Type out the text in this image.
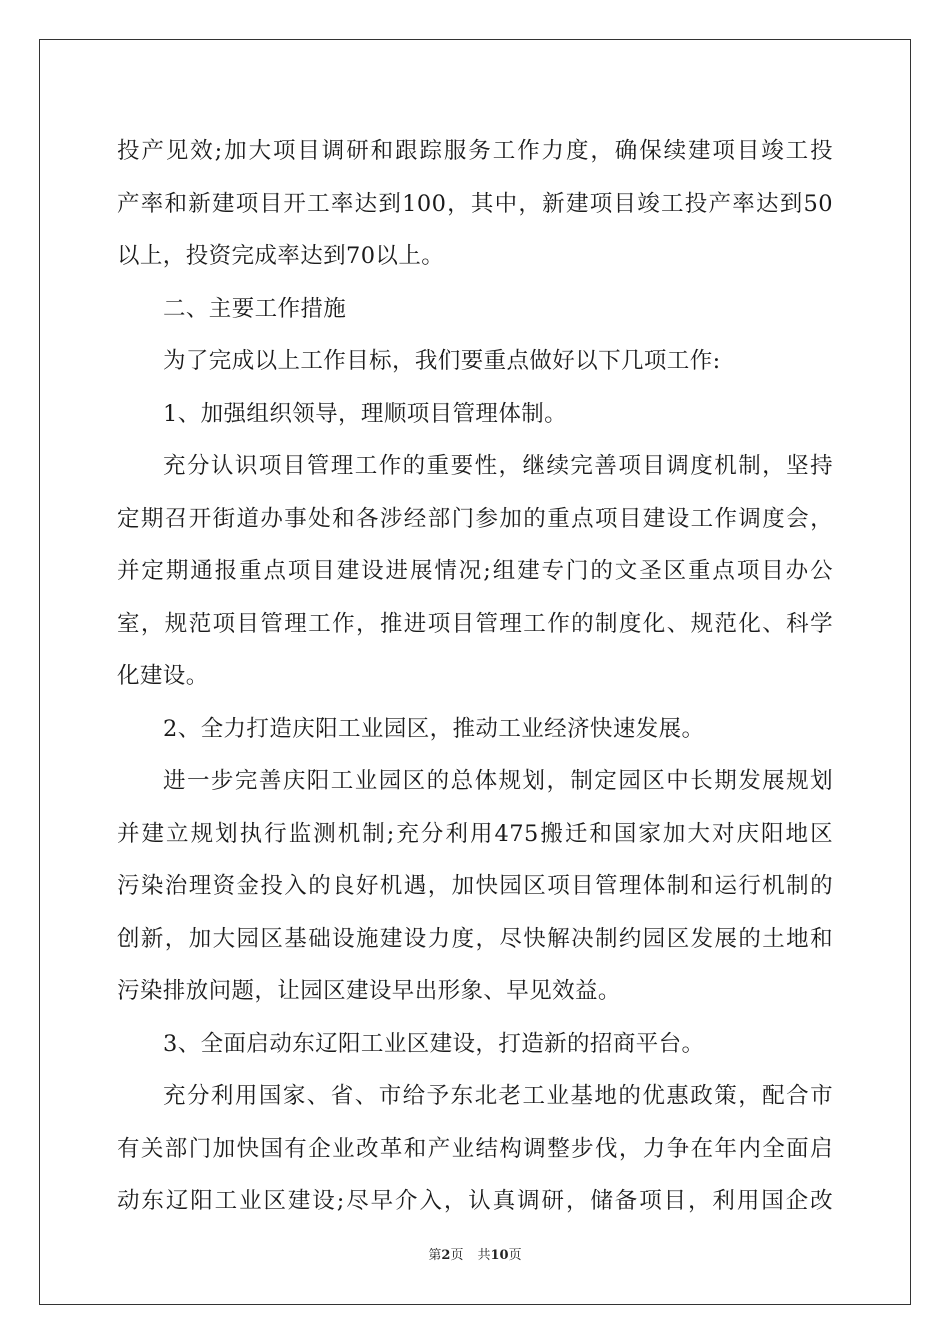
投产见效;加大项目调研和跟踪服务工作力度，确保续建项目竣工投
产率和新建项目开工率达到100，其中，新建项目竣工投产率达到50
以上，投资完成率达到70以上。
二、主要工作措施
为了完成以上工作目标，我们要重点做好以下几项工作:
1、加强组织领导，理顺项目管理体制。
充分认识项目管理工作的重要性，继续完善项目调度机制，坚持
定期召开街道办事处和各涉经部门参加的重点项目建设工作调度会，
并定期通报重点项目建设进展情况;组建专门的文圣区重点项目办公
室，规范项目管理工作，推进项目管理工作的制度化、规范化、科学
化建设。
2、全力打造庆阳工业园区，推动工业经济快速发展。
进一步完善庆阳工业园区的总体规划，制定园区中长期发展规划
并建立规划执行监测机制;充分利用475搬迁和国家加大对庆阳地区
污染治理资金投入的良好机遇，加快园区项目管理体制和运行机制的
创新，加大园区基础设施建设力度，尽快解决制约园区发展的土地和
污染排放问题，让园区建设早出形象、早见效益。
3、全面启动东辽阳工业区建设，打造新的招商平台。
充分利用国家、省、市给予东北老工业基地的优惠政策，配合市
有关部门加快国有企业改革和产业结构调整步伐，力争在年内全面启
动东辽阳工业区建设;尽早介入，认真调研，储备项目，利用国企改
第2页 共10页
